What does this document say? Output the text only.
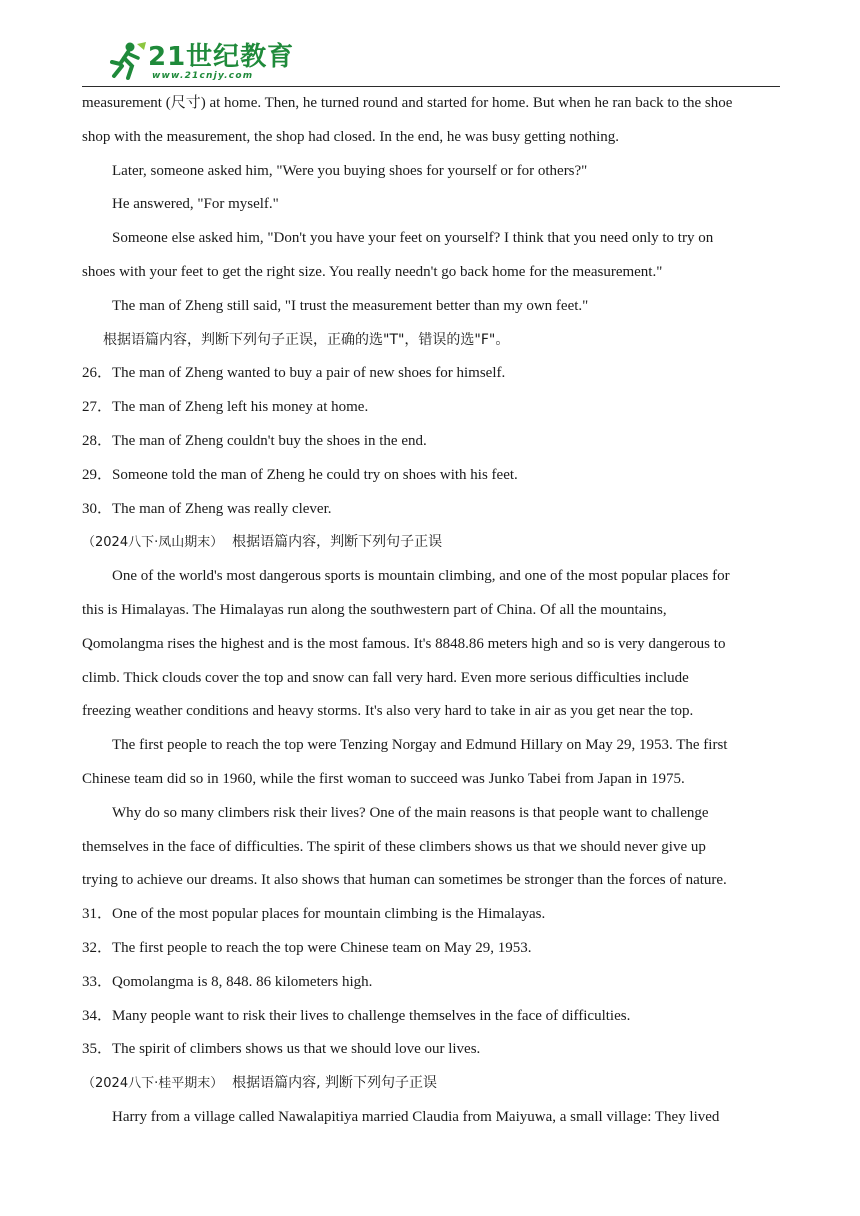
21世纪教育
www.21cnjy.com

measurement (尺寸) at home. Then, he turned round and started for home. But when he ran back to the shoe

shop with the measurement, the shop had closed. In the end, he was busy getting nothing.

Later, someone asked him, "Were you buying shoes for yourself or for others?"

He answered, "For myself."

Someone else asked him, "Don't you have your feet on yourself? I think that you need only to try on

shoes with your feet to get the right size. You really needn't go back home for the measurement."

The man of Zheng still said, "I trust the measurement better than my own feet."

根据语篇内容，判断下列句子正误，正确的选"T"，错误的选"F"。

26．The man of Zheng wanted to buy a pair of new shoes for himself.

27．The man of Zheng left his money at home.

28．The man of Zheng couldn't buy the shoes in the end.

29．Someone told the man of Zheng he could try on shoes with his feet.

30．The man of Zheng was really clever.

（2024八下·凤山期末） 根据语篇内容，判断下列句子正误

One of the world's most dangerous sports is mountain climbing, and one of the most popular places for

this is Himalayas. The Himalayas run along the southwestern part of China. Of all the mountains,

Qomolangma rises the highest and is the most famous. It's 8848.86 meters high and so is very dangerous to

climb. Thick clouds cover the top and snow can fall very hard. Even more serious difficulties include

freezing weather conditions and heavy storms. It's also very hard to take in air as you get near the top.

The first people to reach the top were Tenzing Norgay and Edmund Hillary on May 29, 1953. The first

Chinese team did so in 1960, while the first woman to succeed was Junko Tabei from Japan in 1975.

Why do so many climbers risk their lives? One of the main reasons is that people want to challenge

themselves in the face of difficulties. The spirit of these climbers shows us that we should never give up

trying to achieve our dreams. It also shows that human can sometimes be stronger than the forces of nature.

31．One of the most popular places for mountain climbing is the Himalayas.

32．The first people to reach the top were Chinese team on May 29, 1953.

33．Qomolangma is 8, 848. 86 kilometers high.

34．Many people want to risk their lives to challenge themselves in the face of difficulties.

35．The spirit of climbers shows us that we should love our lives.

（2024八下·桂平期末） 根据语篇内容, 判断下列句子正误

Harry from a village called Nawalapitiya married Claudia from Maiyuwa, a small village: They lived
